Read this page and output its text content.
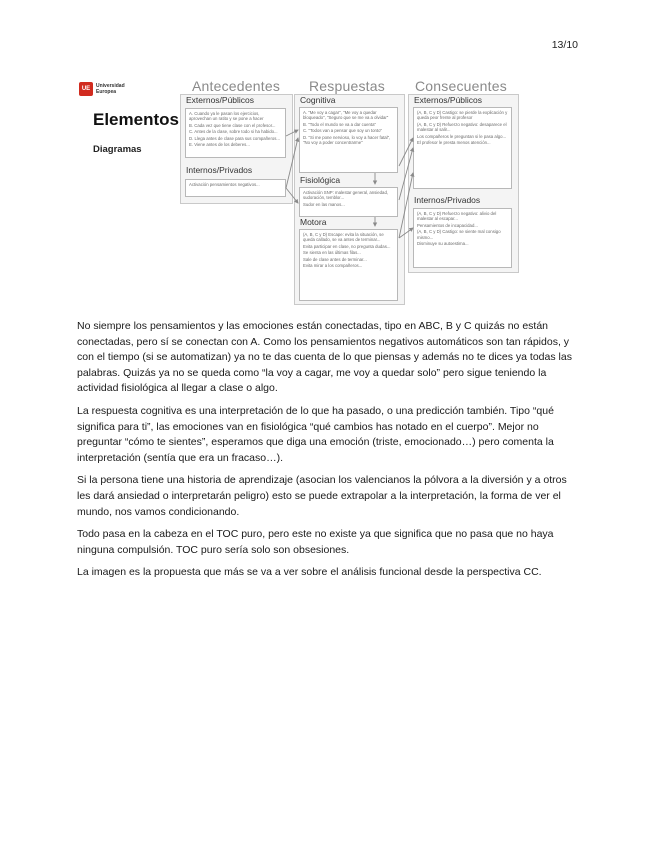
13/10
UE	Universidad
Europea
Elementos
Diagramas
Antecedentes Respuestas Consecuentes
Externos/Públicos
A. Cuando ya le pasan los ejercicios, aprovechan un ratito y se pone a hacer
B. Cada vez que tiene clase con el profesor...
C. Antes de la clase, sobre todo si ha habido...
D. Llega antes de clase para sus compañeros...
E. Viene antes de los deberes...
Internos/Privados
Activación pensamientos negativos...
Cognitiva
A. "Me voy a cagar", "Me voy a quedar bloqueado", "Seguro que se me va a olvidar"
B. "Todo el mundo se va a dar cuenta"
C. "Todos van a pensar que soy un tonto"
D. "Si me pone nervioso, lo voy a hacer fatal", "No voy a poder concentrarme"
Fisiológica
Activación SNP: malestar general, ansiedad, sudoración, temblor...
Sudor en las manos...
Motora
(A, B, C y D) Escape: evita la situación, se queda callado, se va antes de terminar...
Evita participar en clase, no pregunta dudas...
Se sienta en las últimas filas...
Sale de clase antes de terminar...
Evita mirar a los compañeros...
Externos/Públicos
(A, B, C y D) Castigo: se pierde la explicación y queda peor frente al profesor
(A, B, C y D) Refuerzo negativo: desaparece el malestar al salir...
Los compañeros le preguntan si le pasa algo...
El profesor le presta menos atención...
Internos/Privados
(A, B, C y D) Refuerzo negativo: alivio del malestar al escapar...
Pensamientos de incapacidad...
(A, B, C y D) Castigo: se siente mal consigo mismo...
Disminuye su autoestima...

No siempre los pensamientos y las emociones están conectadas, tipo en ABC, B y C quizás no están conectadas, pero sí se conectan con A. Como los pensamientos negativos automáticos son tan rápidos, y con el tiempo (si se automatizan) ya no te das cuenta de lo que piensas y además no te dices ya todas las palabras. Quizás ya no se queda como “la voy a cagar, me voy a quedar solo” pero sigue teniendo la actividad fisiológica al llegar a clase o algo.

La respuesta cognitiva es una interpretación de lo que ha pasado, o una predicción también. Tipo “qué significa para ti”, las emociones van en fisiológica “qué cambios has notado en el cuerpo”. Mejor no preguntar “cómo te sientes”, esperamos que diga una emoción (triste, emocionado…) pero comenta la interpretación (sentía que era un fracaso…).

Si la persona tiene una historia de aprendizaje (asocian los valencianos la pólvora a la diversión y a otros les dará ansiedad o interpretarán peligro) esto se puede extrapolar a la interpretación, la forma de ver el mundo, nos vamos condicionando.

Todo pasa en la cabeza en el TOC puro, pero este no existe ya que significa que no pasa que no haya ninguna compulsión. TOC puro sería solo son obsesiones.

La imagen es la propuesta que más se va a ver sobre el análisis funcional desde la perspectiva CC.
